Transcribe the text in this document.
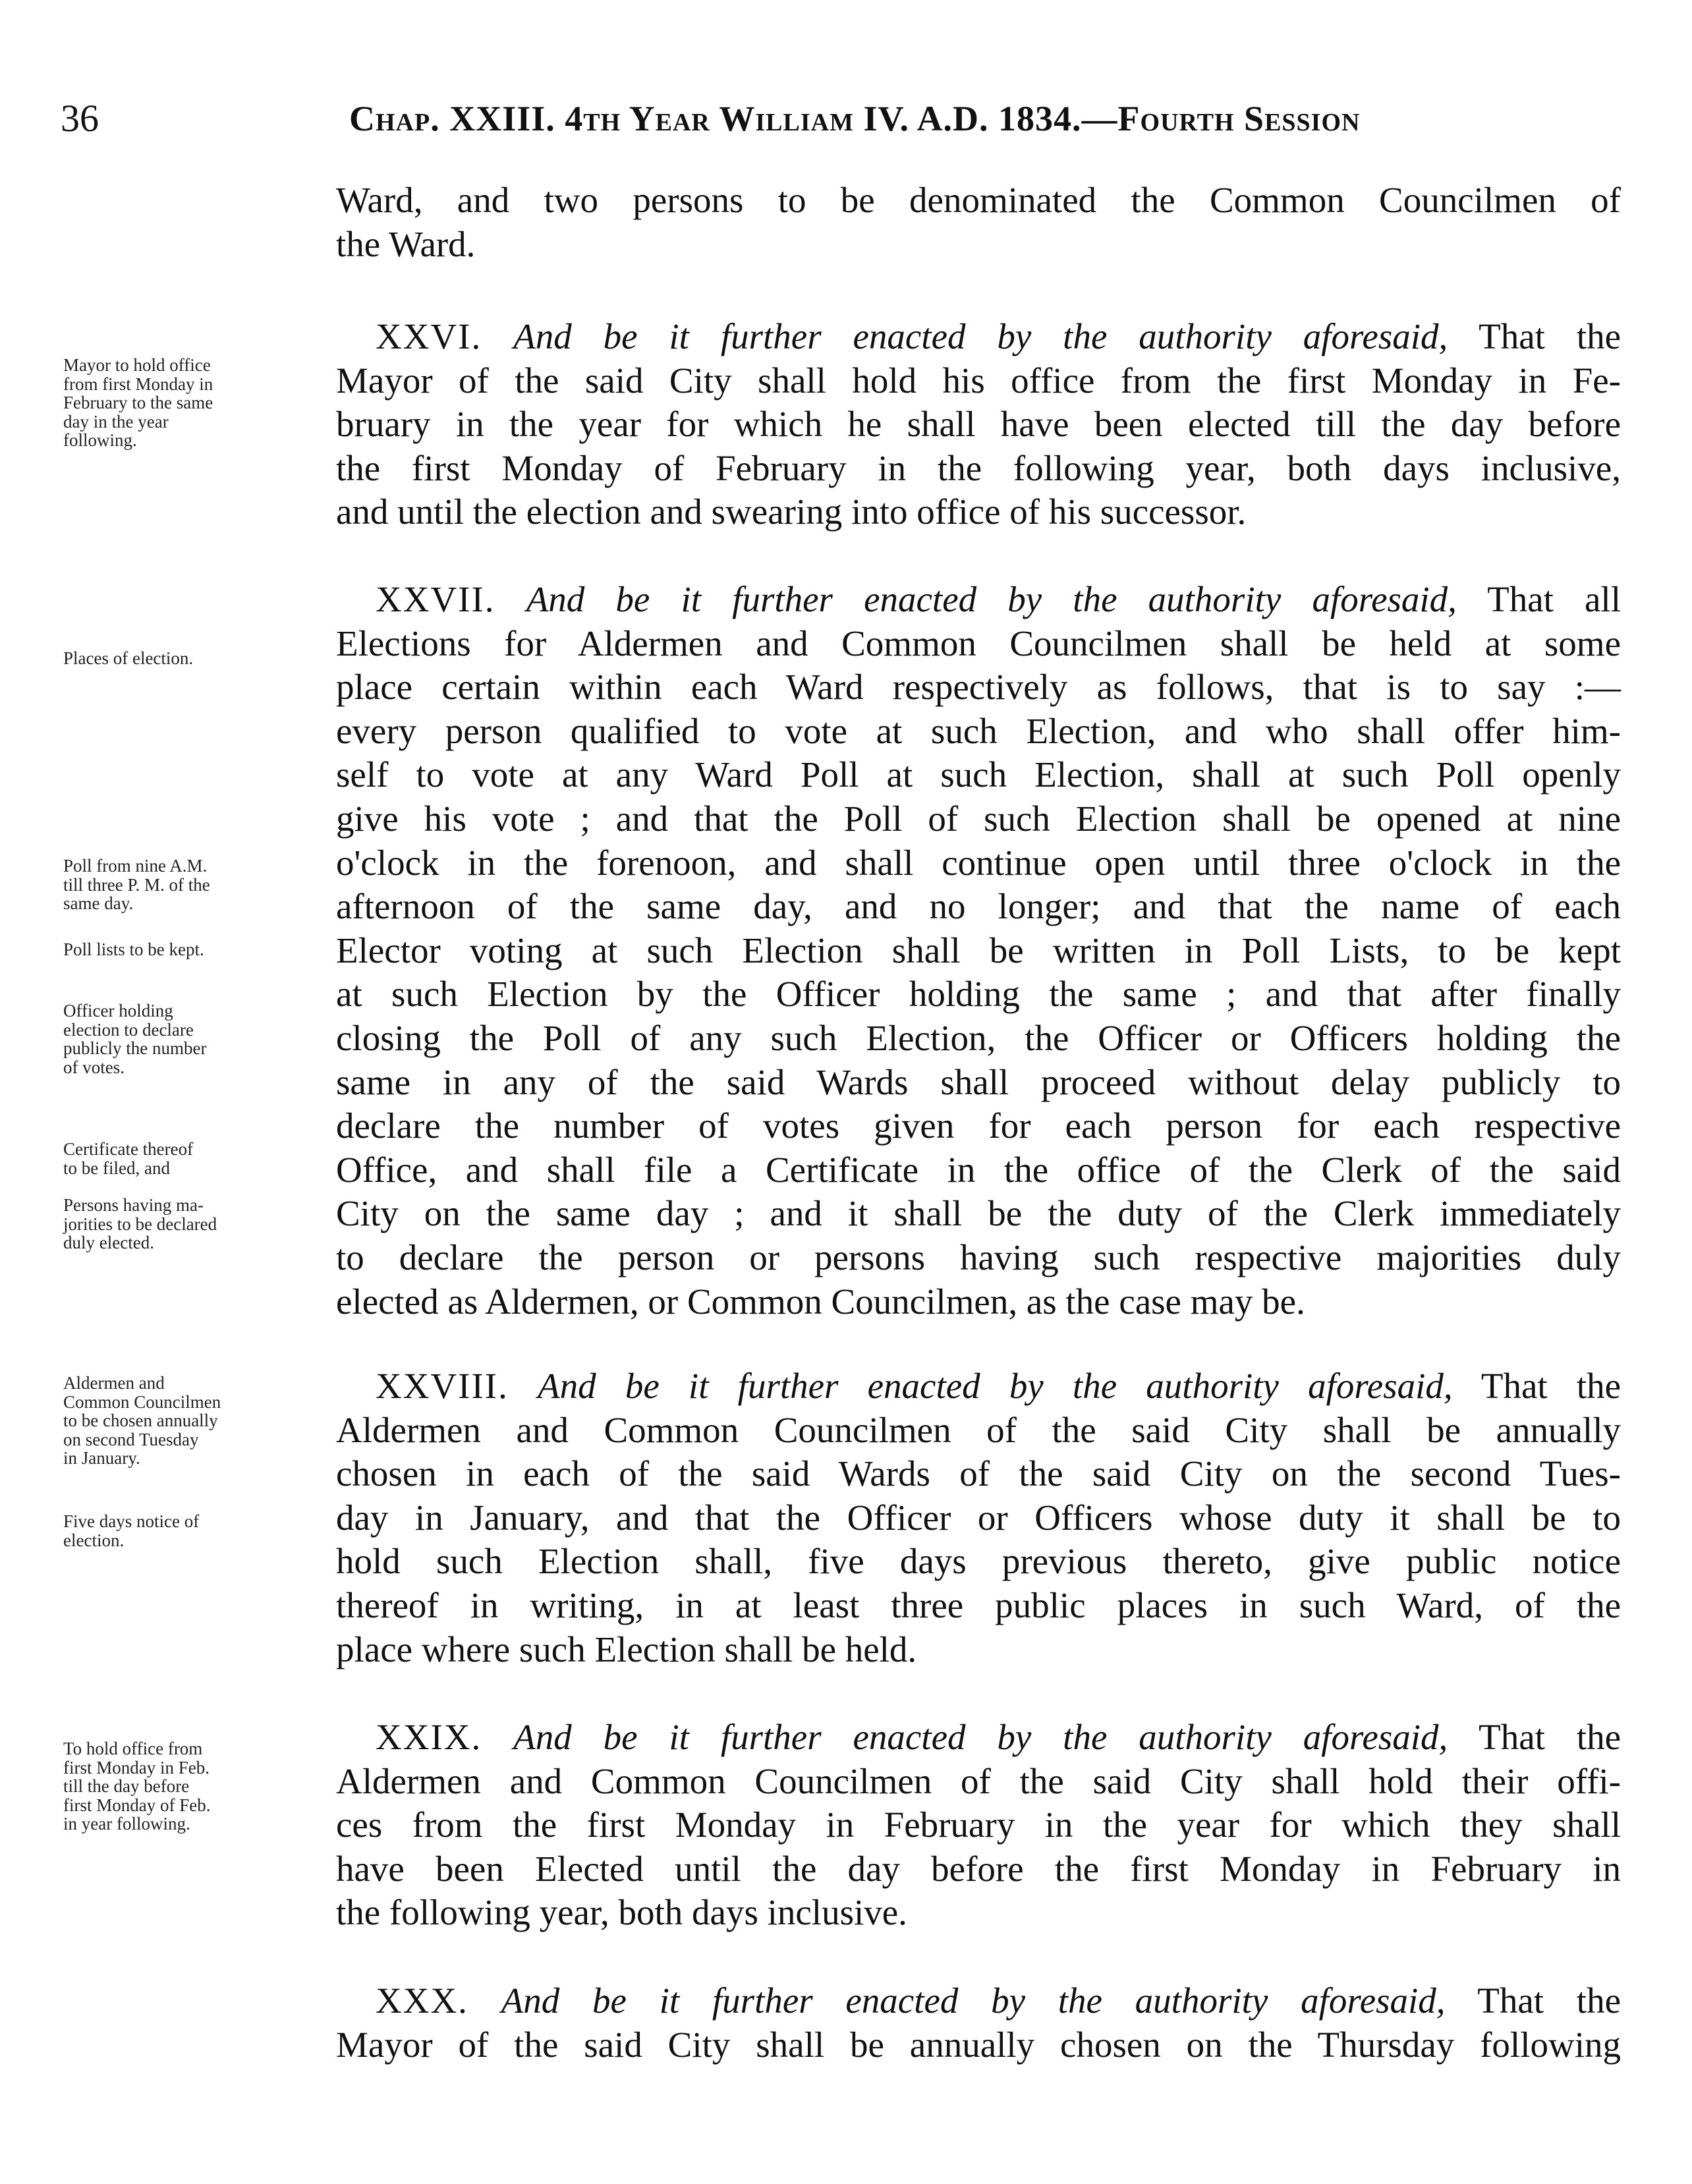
36	Chap. XXIII. 4th Year William IV. A.D. 1834.—Fourth Session
Ward, and two persons to be denominated the Common Councilmen of
the Ward.
XXVI. And be it further enacted by the authority aforesaid, That the
Mayor of the said City shall hold his office from the first Monday in Fe-
bruary in the year for which he shall have been elected till the day before
the first Monday of February in the following year, both days inclusive,
and until the election and swearing into office of his successor.
XXVII. And be it further enacted by the authority aforesaid, That all
Elections for Aldermen and Common Councilmen shall be held at some
place certain within each Ward respectively as follows, that is to say :—
every person qualified to vote at such Election, and who shall offer him-
self to vote at any Ward Poll at such Election, shall at such Poll openly
give his vote ; and that the Poll of such Election shall be opened at nine
o'clock in the forenoon, and shall continue open until three o'clock in the
afternoon of the same day, and no longer; and that the name of each
Elector voting at such Election shall be written in Poll Lists, to be kept
at such Election by the Officer holding the same ; and that after finally
closing the Poll of any such Election, the Officer or Officers holding the
same in any of the said Wards shall proceed without delay publicly to
declare the number of votes given for each person for each respective
Office, and shall file a Certificate in the office of the Clerk of the said
City on the same day ; and it shall be the duty of the Clerk immediately
to declare the person or persons having such respective majorities duly
elected as Aldermen, or Common Councilmen, as the case may be.
XXVIII. And be it further enacted by the authority aforesaid, That the
Aldermen and Common Councilmen of the said City shall be annually
chosen in each of the said Wards of the said City on the second Tues-
day in January, and that the Officer or Officers whose duty it shall be to
hold such Election shall, five days previous thereto, give public notice
thereof in writing, in at least three public places in such Ward, of the
place where such Election shall be held.
XXIX. And be it further enacted by the authority aforesaid, That the
Aldermen and Common Councilmen of the said City shall hold their offi-
ces from the first Monday in February in the year for which they shall
have been Elected until the day before the first Monday in February in
the following year, both days inclusive.
XXX. And be it further enacted by the authority aforesaid, That the
Mayor of the said City shall be annually chosen on the Thursday following
Mayor to hold office
from first Monday in
February to the same
day in the year
following.
Places of election.
Poll from nine A.M.
till three P. M. of the
same day.
Poll lists to be kept.
Officer holding
election to declare
publicly the number
of votes.
Certificate thereof
to be filed, and
Persons having ma-
jorities to be declared
duly elected.
Aldermen and
Common Councilmen
to be chosen annually
on second Tuesday
in January.
Five days notice of
election.
To hold office from
first Monday in Feb.
till the day before
first Monday of Feb.
in year following.
